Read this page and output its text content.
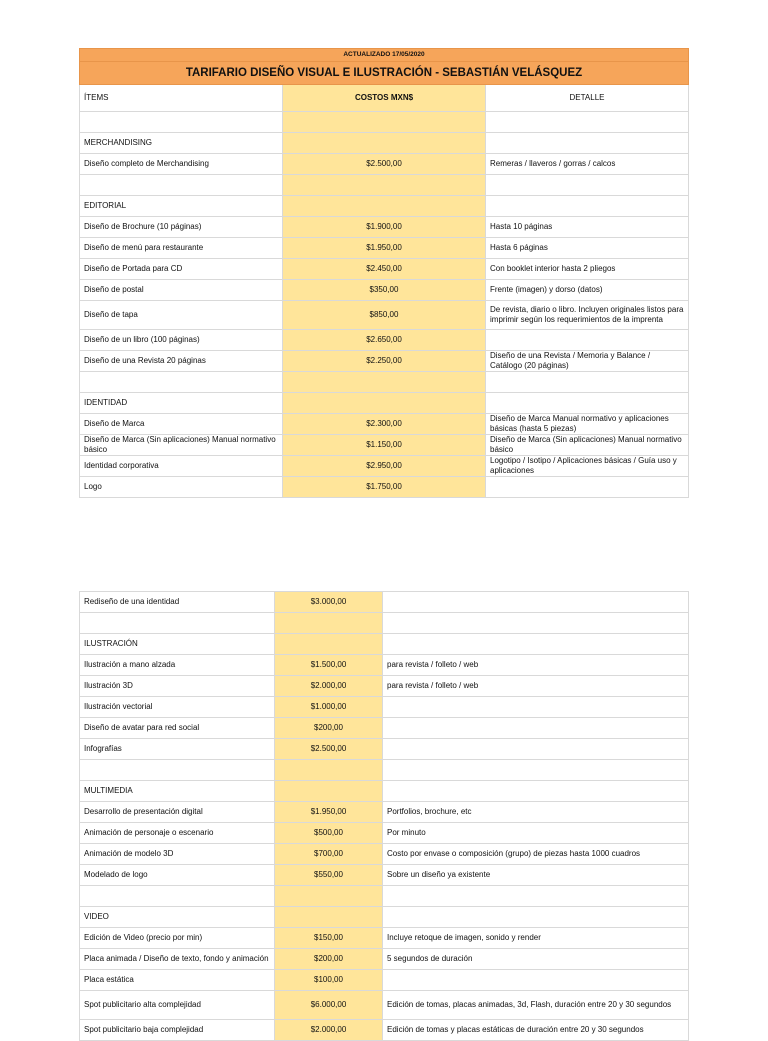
ACTUALIZADO 17/05/2020		
TARIFARIO DISEÑO VISUAL E ILUSTRACIÓN - SEBASTIÁN VELÁSQUEZ		
ÍTEMS	COSTOS MXN$	DETALLE

MERCHANDISING		
Diseño completo de Merchandising	$2.500,00	Remeras / llaveros / gorras / calcos

EDITORIAL		
Diseño de Brochure (10 páginas)	$1.900,00	Hasta 10 páginas
Diseño de menú para restaurante	$1.950,00	Hasta 6 páginas
Diseño de Portada para CD	$2.450,00	Con booklet interior hasta 2 pliegos
Diseño de postal	$350,00	Frente (imagen) y dorso (datos)
Diseño de tapa	$850,00	De revista, diario o libro. Incluyen originales listos para imprimir según los requerimientos de la imprenta
Diseño de un libro (100 páginas)	$2.650,00	
Diseño de una Revista 20 páginas	$2.250,00	Diseño de una Revista / Memoria y Balance / Catálogo (20 páginas)

IDENTIDAD		
Diseño de Marca	$2.300,00	Diseño de Marca Manual normativo y aplicaciones básicas (hasta 5 piezas)
Diseño de Marca (Sin aplicaciones) Manual normativo básico	$1.150,00	Diseño de Marca (Sin aplicaciones) Manual normativo básico
Identidad corporativa	$2.950,00	Logotipo / Isotipo / Aplicaciones básicas / Guía uso y aplicaciones
Logo	$1.750,00	
Rediseño de una identidad	$3.000,00	

ILUSTRACIÓN		
Ilustración a mano alzada	$1.500,00	para revista / folleto / web
Ilustración 3D	$2.000,00	para revista / folleto / web
Ilustración vectorial	$1.000,00	
Diseño de avatar para red social	$200,00	
Infografías	$2.500,00	

MULTIMEDIA		
Desarrollo de presentación digital	$1.950,00	Portfolios, brochure, etc
Animación de personaje o escenario	$500,00	Por minuto
Animación de modelo 3D	$700,00	Costo por envase o composición (grupo) de piezas hasta 1000 cuadros
Modelado de logo	$550,00	Sobre un diseño ya existente

VIDEO		
Edición de Video (precio por min)	$150,00	Incluye retoque de imagen, sonido y render
Placa animada / Diseño de texto, fondo y animación	$200,00	5 segundos de duración
Placa estática	$100,00	
Spot publicitario alta complejidad	$6.000,00	Edición de tomas, placas animadas, 3d, Flash, duración entre 20 y 30 segundos
Spot publicitario baja complejidad	$2.000,00	Edición de tomas y placas estáticas de duración entre 20 y 30 segundos
